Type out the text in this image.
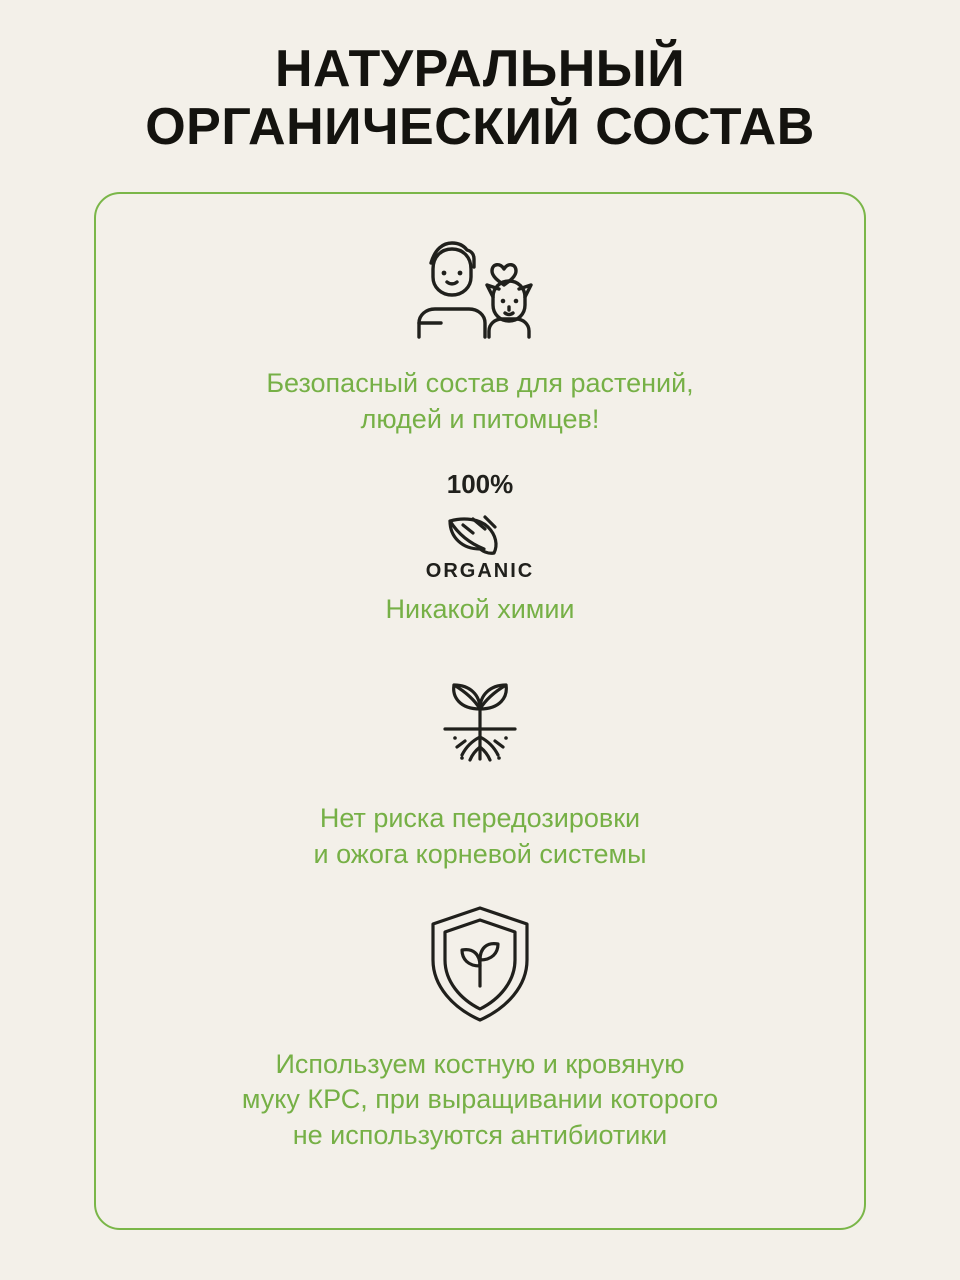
НАТУРАЛЬНЫЙ
ОРГАНИЧЕСКИЙ СОСТАВ
Безопасный состав для растений,
людей и питомцев!
100%
ORGANIC
Никакой химии
Нет риска передозировки
и ожога корневой системы
Используем костную и кровяную
муку КРС, при выращивании которого
не используются антибиотики
